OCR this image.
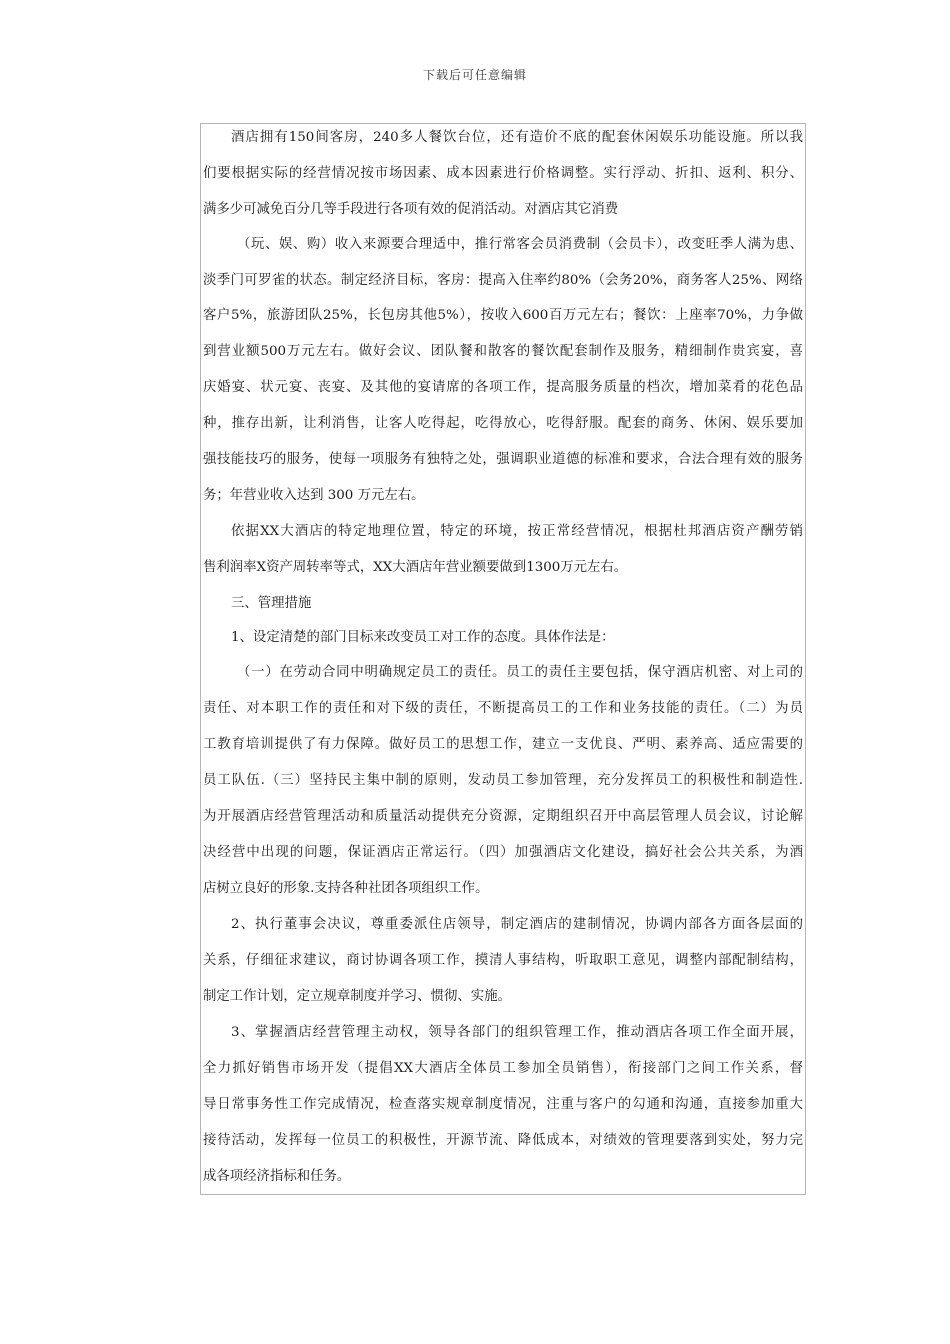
下载后可任意编辑
酒店拥有150间客房，240多人餐饮台位，还有造价不底的配套休闲娱乐功能设施。所以我
们要根据实际的经营情况按市场因素、成本因素进行价格调整。实行浮动、折扣、返利、积分、
满多少可减免百分几等手段进行各项有效的促消活动。对酒店其它消费
（玩、娱、购）收入来源要合理适中，推行常客会员消费制（会员卡），改变旺季人满为患、
淡季门可罗雀的状态。制定经济目标，客房：提高入住率约80%（会务20%，商务客人25%、网络
客户5%，旅游团队25%，长包房其他5%），按收入600百万元左右；餐饮：上座率70%，力争做
到营业额500万元左右。做好会议、团队餐和散客的餐饮配套制作及服务，精细制作贵宾宴，喜
庆婚宴、状元宴、丧宴、及其他的宴请席的各项工作，提高服务质量的档次，增加菜肴的花色品
种，推存出新，让利消售，让客人吃得起，吃得放心，吃得舒服。配套的商务、休闲、娱乐要加
强技能技巧的服务，使每一项服务有独特之处，强调职业道德的标准和要求，合法合理有效的服务
务；年营业收入达到 300 万元左右。
依据XX大酒店的特定地理位置，特定的环境，按正常经营情况，根据杜邦酒店资产酬劳销
售利润率X资产周转率等式，XX大酒店年营业额要做到1300万元左右。
三、管理措施
1、设定清楚的部门目标来改变员工对工作的态度。具体作法是：
（一）在劳动合同中明确规定员工的责任。员工的责任主要包括，保守酒店机密、对上司的
责任、对本职工作的责任和对下级的责任，不断提高员工的工作和业务技能的责任。（二）为员
工教育培训提供了有力保障。做好员工的思想工作，建立一支优良、严明、素养高、适应需要的
员工队伍.（三）坚持民主集中制的原则，发动员工参加管理，充分发挥员工的积极性和制造性.
为开展酒店经营管理活动和质量活动提供充分资源，定期组织召开中高层管理人员会议，讨论解
决经营中出现的问题，保证酒店正常运行。（四）加强酒店文化建设，搞好社会公共关系，为酒
店树立良好的形象.支持各种社团各项组织工作。
2、执行董事会决议，尊重委派住店领导，制定酒店的建制情况，协调内部各方面各层面的
关系，仔细征求建议，商讨协调各项工作，摸清人事结构，听取职工意见，调整内部配制结构，
制定工作计划，定立规章制度并学习、惯彻、实施。
3、掌握酒店经营管理主动权，领导各部门的组织管理工作，推动酒店各项工作全面开展，
全力抓好销售市场开发（提倡XX大酒店全体员工参加全员销售），衔接部门之间工作关系，督
导日常事务性工作完成情况，检查落实规章制度情况，注重与客户的勾通和沟通，直接参加重大
接待活动，发挥每一位员工的积极性，开源节流、降低成本，对绩效的管理要落到实处，努力完
成各项经济指标和任务。
